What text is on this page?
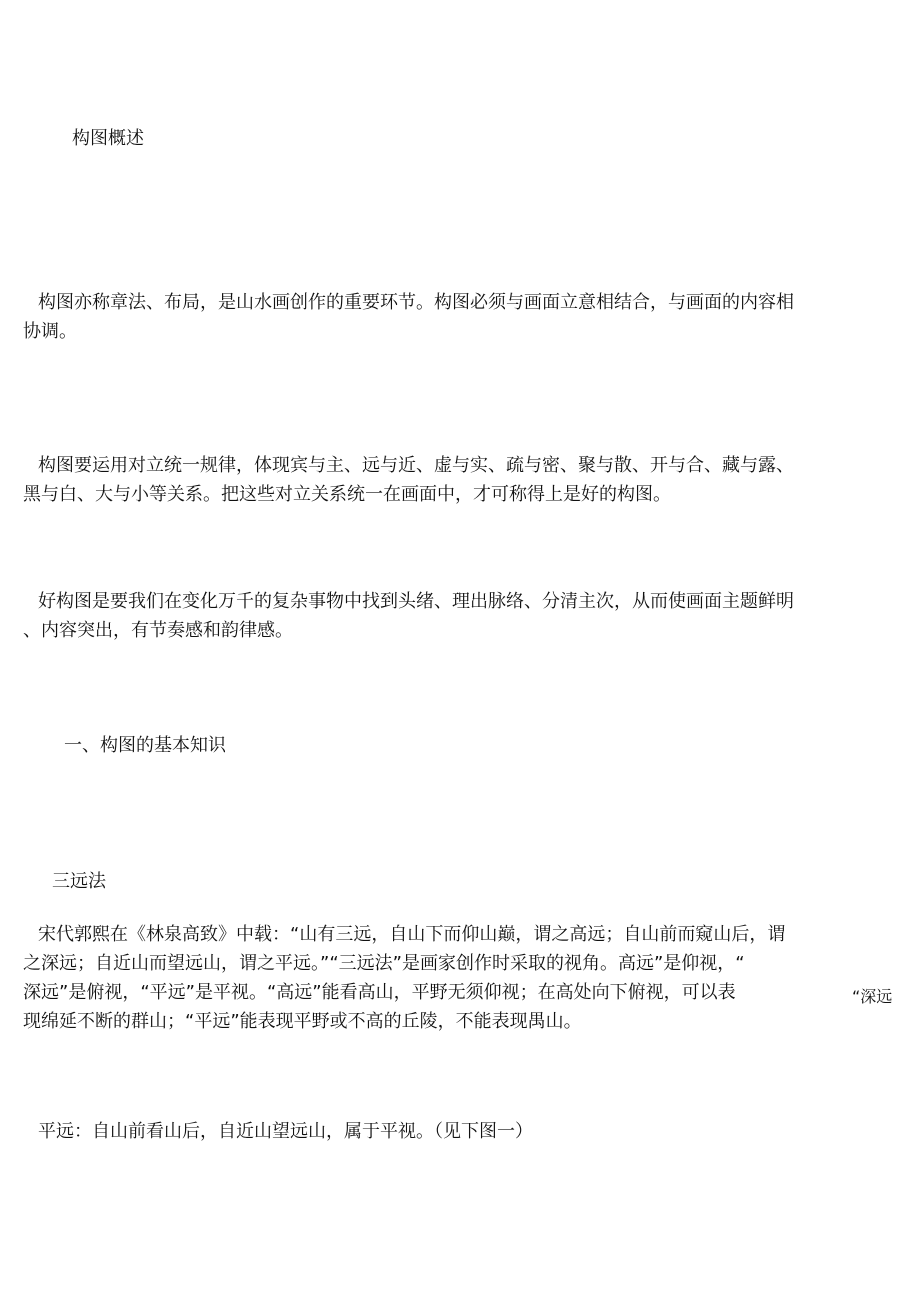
构图概述
构图亦称章法、布局，是山水画创作的重要环节。构图必须与画面立意相结合，与画面的内容相
协调。
构图要运用对立统一规律，体现宾与主、远与近、虚与实、疏与密、聚与散、开与合、藏与露、
黑与白、大与小等关系。把这些对立关系统一在画面中，才可称得上是好的构图。
好构图是要我们在变化万千的复杂事物中找到头绪、理出脉络、分清主次，从而使画面主题鲜明
、内容突出，有节奏感和韵律感。
一、构图的基本知识
三远法
宋代郭熙在《林泉高致》中载：“山有三远，自山下而仰山巅，谓之高远；自山前而窥山后，谓
之深远；自近山而望远山，谓之平远。”“三远法”是画家创作时采取的视角。高远”是仰视，“
深远”是俯视，“平远”是平视。“高远”能看高山，平野无须仰视；在高处向下俯视，可以表
现绵延不断的群山；“平远”能表现平野或不高的丘陵，不能表现禺山。
“深远
平远：自山前看山后，自近山望远山，属于平视。（见下图一）
